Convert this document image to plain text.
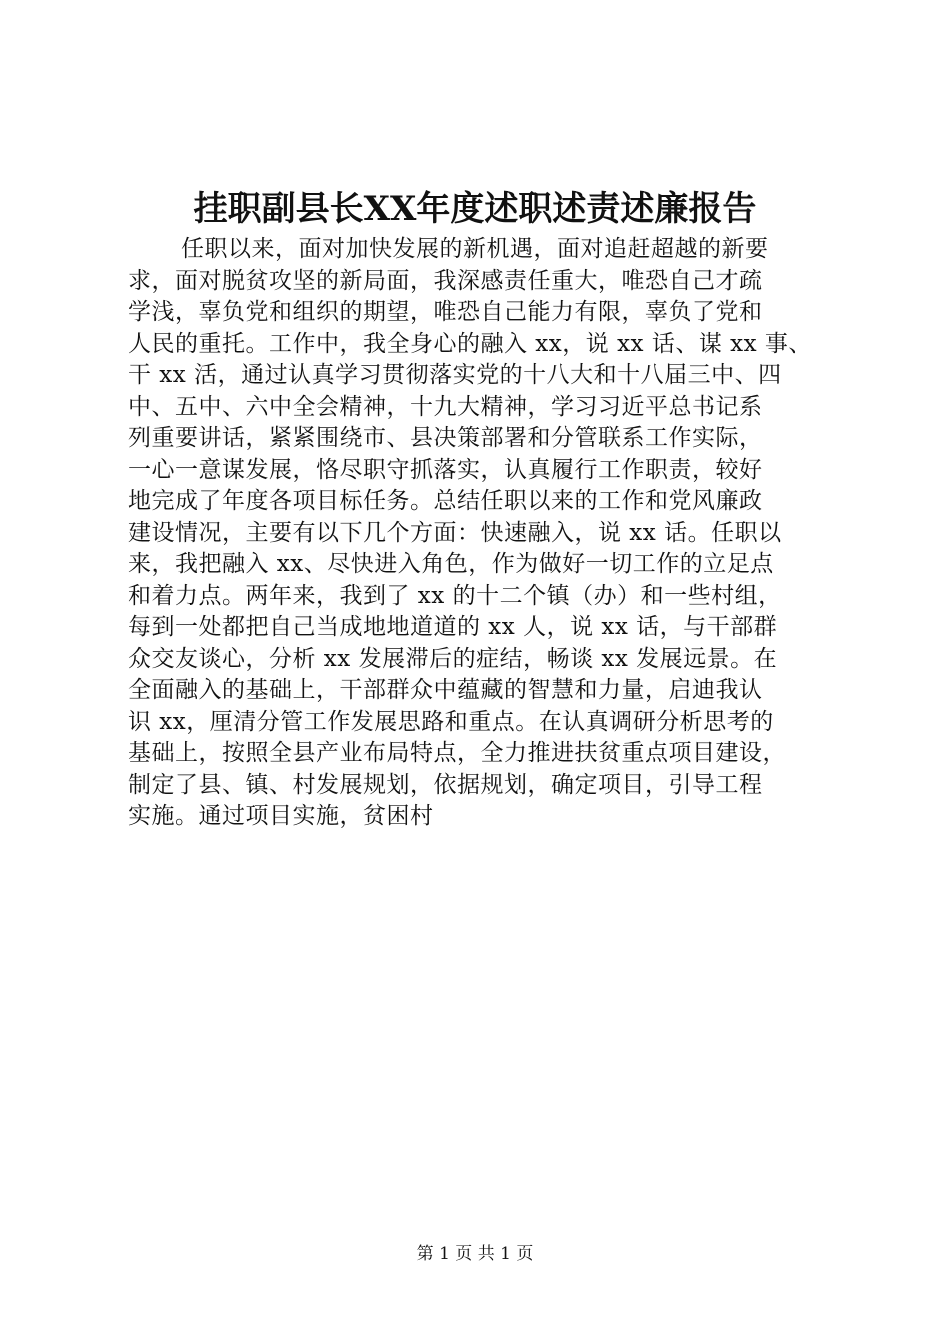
挂职副县长XX年度述职述责述廉报告
任职以来，面对加快发展的新机遇，面对追赶超越的新要
求，面对脱贫攻坚的新局面，我深感责任重大，唯恐自己才疏
学浅，辜负党和组织的期望，唯恐自己能力有限，辜负了党和
人民的重托。工作中，我全身心的融入 xx，说 xx 话、谋 xx 事、
干 xx 活，通过认真学习贯彻落实党的十八大和十八届三中、四
中、五中、六中全会精神，十九大精神，学习习近平总书记系
列重要讲话，紧紧围绕市、县决策部署和分管联系工作实际，
一心一意谋发展，恪尽职守抓落实，认真履行工作职责，较好
地完成了年度各项目标任务。总结任职以来的工作和党风廉政
建设情况，主要有以下几个方面：快速融入，说 xx 话。任职以
来，我把融入 xx、尽快进入角色，作为做好一切工作的立足点
和着力点。两年来，我到了 xx 的十二个镇（办）和一些村组，
每到一处都把自己当成地地道道的 xx 人，说 xx 话，与干部群
众交友谈心，分析 xx 发展滞后的症结，畅谈 xx 发展远景。在
全面融入的基础上，干部群众中蕴藏的智慧和力量，启迪我认
识 xx，厘清分管工作发展思路和重点。在认真调研分析思考的
基础上，按照全县产业布局特点，全力推进扶贫重点项目建设，
制定了县、镇、村发展规划，依据规划，确定项目，引导工程
实施。通过项目实施，贫困村
第 1 页 共 1 页
